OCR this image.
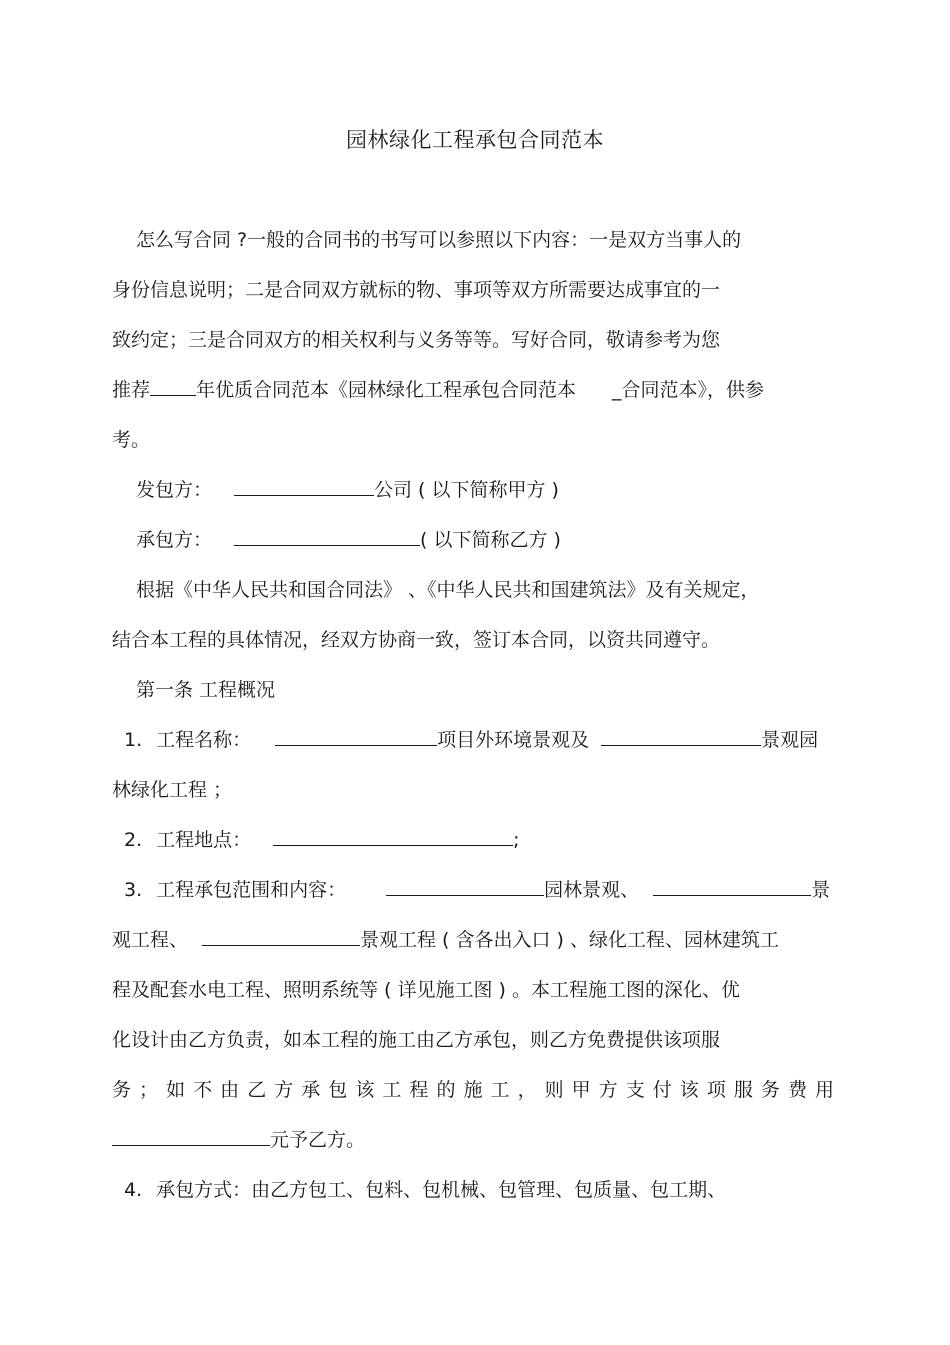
园林绿化工程承包合同范本
怎么写合同 ?一般的合同书的书写可以参照以下内容：一是双方当事人的
身份信息说明；二是合同双方就标的物、事项等双方所需要达成事宜的一
致约定；三是合同双方的相关权利与义务等等。写好合同，敬请参考为您
推荐 年优质合同范本《园林绿化工程承包合同范本 _合同范本》，供参
考。
发包方：	公司 ( 以下简称甲方 )
承包方：	( 以下简称乙方 )
根据《中华人民共和国合同法》 、《中华人民共和国建筑法》及有关规定，
结合本工程的具体情况，经双方协商一致，签订本合同，以资共同遵守。
第一条 工程概况
1. 工程名称：	项目外环境景观及	景观园
林绿化工程 ；
2. 工程地点：	;
3. 工程承包范围和内容：	园林景观、	景
观工程、	景观工程 ( 含各出入口 ) 、绿化工程、园林建筑工
程及配套水电工程、照明系统等 ( 详见施工图 ) 。本工程施工图的深化、优
化设计由乙方负责，如本工程的施工由乙方承包，则乙方免费提供该项服
务；如不由乙方承包该工程的施工，则甲方支付该项服务费用
元予乙方。
4. 承包方式：由乙方包工、包料、包机械、包管理、包质量、包工期、
